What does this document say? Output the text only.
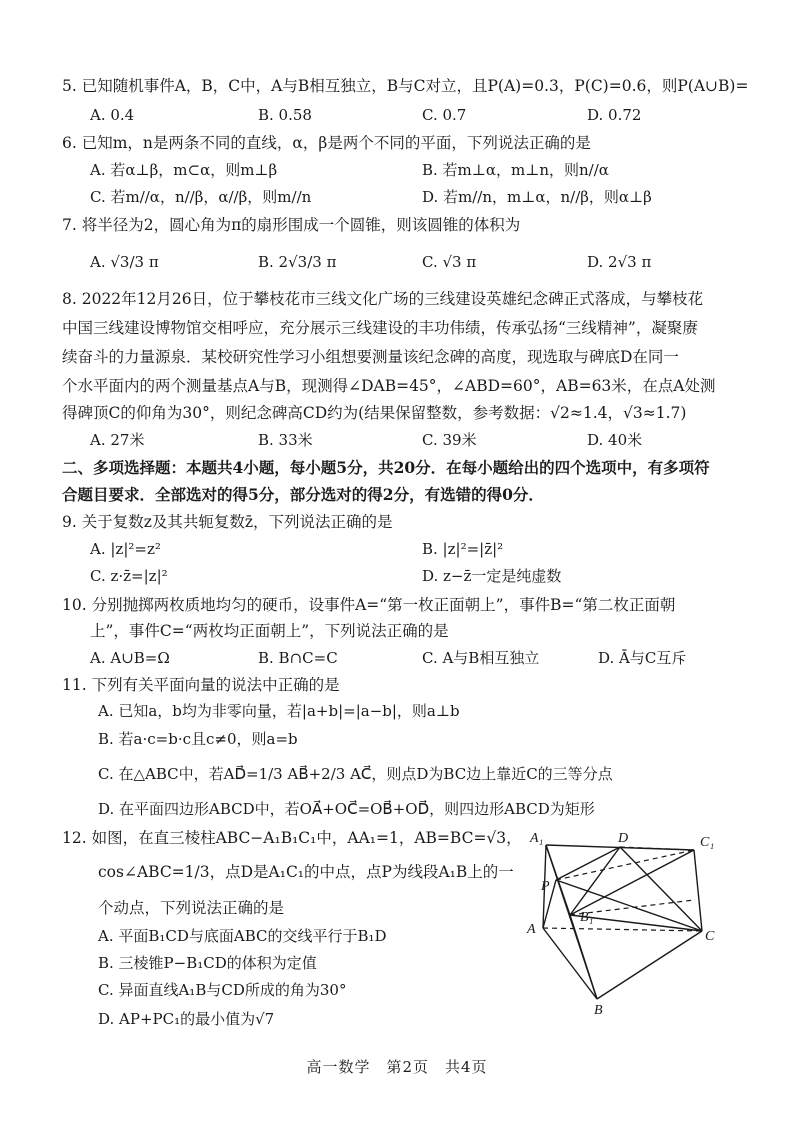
5. 已知随机事件A，B，C中，A与B相互独立，B与C对立，且P(A)=0.3，P(C)=0.6，则P(A∪B)=
A. 0.4	B. 0.58	C. 0.7	D. 0.72
6. 已知m，n是两条不同的直线，α，β是两个不同的平面，下列说法正确的是
A. 若α⊥β，m⊂α，则m⊥β	B. 若m⊥α，m⊥n，则n//α
C. 若m//α，n//β，α//β，则m//n	D. 若m//n，m⊥α，n//β，则α⊥β
7. 将半径为2，圆心角为π的扇形围成一个圆锥，则该圆锥的体积为
A. √3/3 π	B. 2√3/3 π	C. √3 π	D. 2√3 π
8. 2022年12月26日，位于攀枝花市三线文化广场的三线建设英雄纪念碑正式落成，与攀枝花
中国三线建设博物馆交相呼应，充分展示三线建设的丰功伟绩，传承弘扬“三线精神”，凝聚赓
续奋斗的力量源泉．某校研究性学习小组想要测量该纪念碑的高度，现选取与碑底D在同一
个水平面内的两个测量基点A与B，现测得∠DAB=45°，∠ABD=60°，AB=63米，在点A处测
得碑顶C的仰角为30°，则纪念碑高CD约为(结果保留整数，参考数据：√2≈1.4，√3≈1.7)
A. 27米	B. 33米	C. 39米	D. 40米
二、多项选择题：本题共4小题，每小题5分，共20分．在每小题给出的四个选项中，有多项符
合题目要求．全部选对的得5分，部分选对的得2分，有选错的得0分．
9. 关于复数z及其共轭复数z̄，下列说法正确的是
A. |z|²=z²	B. |z|²=|z̄|²
C. z·z̄=|z|²	D. z−z̄一定是纯虚数
10. 分别抛掷两枚质地均匀的硬币，设事件A=“第一枚正面朝上”，事件B=“第二枚正面朝
上”，事件C=“两枚均正面朝上”，下列说法正确的是
A. A∪B=Ω	B. B∩C=C	C. A与B相互独立	D. Ā与C互斥
11. 下列有关平面向量的说法中正确的是
A. 已知a，b均为非零向量，若|a+b|=|a−b|，则a⊥b
B. 若a·c=b·c且c≠0，则a=b
C. 在△ABC中，若AD⃗=1/3 AB⃗+2/3 AC⃗，则点D为BC边上靠近C的三等分点
D. 在平面四边形ABCD中，若OA⃗+OC⃗=OB⃗+OD⃗，则四边形ABCD为矩形
12. 如图，在直三棱柱ABC−A₁B₁C₁中，AA₁=1，AB=BC=√3，
cos∠ABC=1/3，点D是A₁C₁的中点，点P为线段A₁B上的一
个动点，下列说法正确的是
A. 平面B₁CD与底面ABC的交线平行于B₁D
B. 三棱锥P−B₁CD的体积为定值
C. 异面直线A₁B与CD所成的角为30°
D. AP+PC₁的最小值为√7
A₁	D	C₁
P
B₁
A	C
B
高一数学　第2页　共4页
